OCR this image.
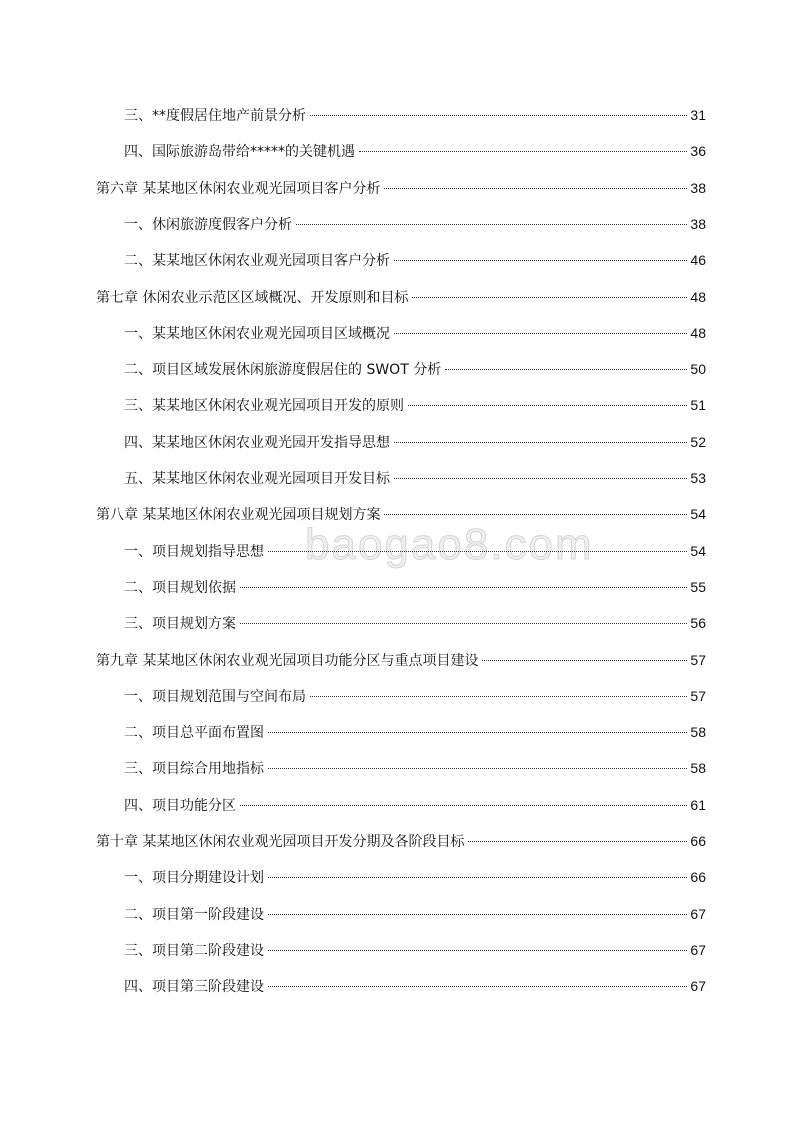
baogao8.com
三、**度假居住地产前景分析	31
四、国际旅游岛带给*****的关键机遇	36
第六章 某某地区休闲农业观光园项目客户分析	38
一、休闲旅游度假客户分析	38
二、某某地区休闲农业观光园项目客户分析	46
第七章 休闲农业示范区区域概况、开发原则和目标	48
一、某某地区休闲农业观光园项目区域概况	48
二、项目区域发展休闲旅游度假居住的 SWOT 分析	50
三、某某地区休闲农业观光园项目开发的原则	51
四、某某地区休闲农业观光园开发指导思想	52
五、某某地区休闲农业观光园项目开发目标	53
第八章 某某地区休闲农业观光园项目规划方案	54
一、项目规划指导思想	54
二、项目规划依据	55
三、项目规划方案	56
第九章 某某地区休闲农业观光园项目功能分区与重点项目建设	57
一、项目规划范围与空间布局	57
二、项目总平面布置图	58
三、项目综合用地指标	58
四、项目功能分区	61
第十章 某某地区休闲农业观光园项目开发分期及各阶段目标	66
一、项目分期建设计划	66
二、项目第一阶段建设	67
三、项目第二阶段建设	67
四、项目第三阶段建设	67
